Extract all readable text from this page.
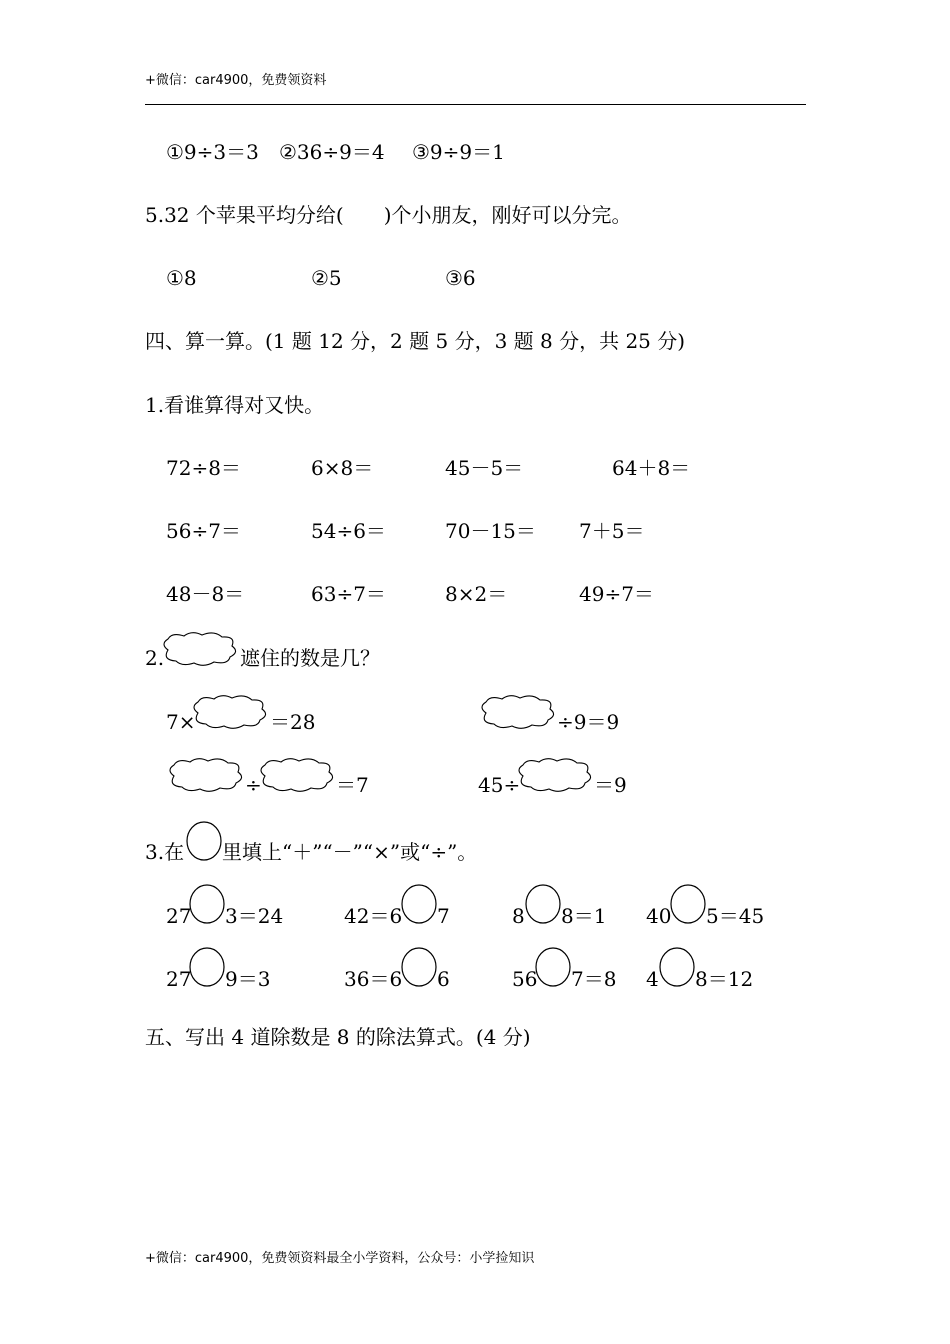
+微信：car4900，免费领资料
①9÷3＝3 ②36÷9＝4 ③9÷9＝1
5.32 个苹果平均分给(　　)个小朋友，刚好可以分完。
①8	②5	③6
四、算一算。(1 题 12 分，2 题 5 分，3 题 8 分，共 25 分)
1.看谁算得对又快。
72÷8＝	6×8＝	45－5＝	64＋8＝
56÷7＝	54÷6＝	70－15＝ 7＋5＝
48－8＝	63÷7＝	8×2＝	49÷7＝
2.	遮住的数是几？
7×	＝28	÷9＝9
÷	＝7	45÷	＝9
3.在 里填上“＋”“－”“×”或“÷”。
27 3＝24	42＝6 7	8 8＝1 40 5＝45
27 9＝3	36＝6 6	56 7＝8 4 8＝12
五、写出 4 道除数是 8 的除法算式。(4 分)
+微信：car4900，免费领资料最全小学资料，公众号：小学捡知识
